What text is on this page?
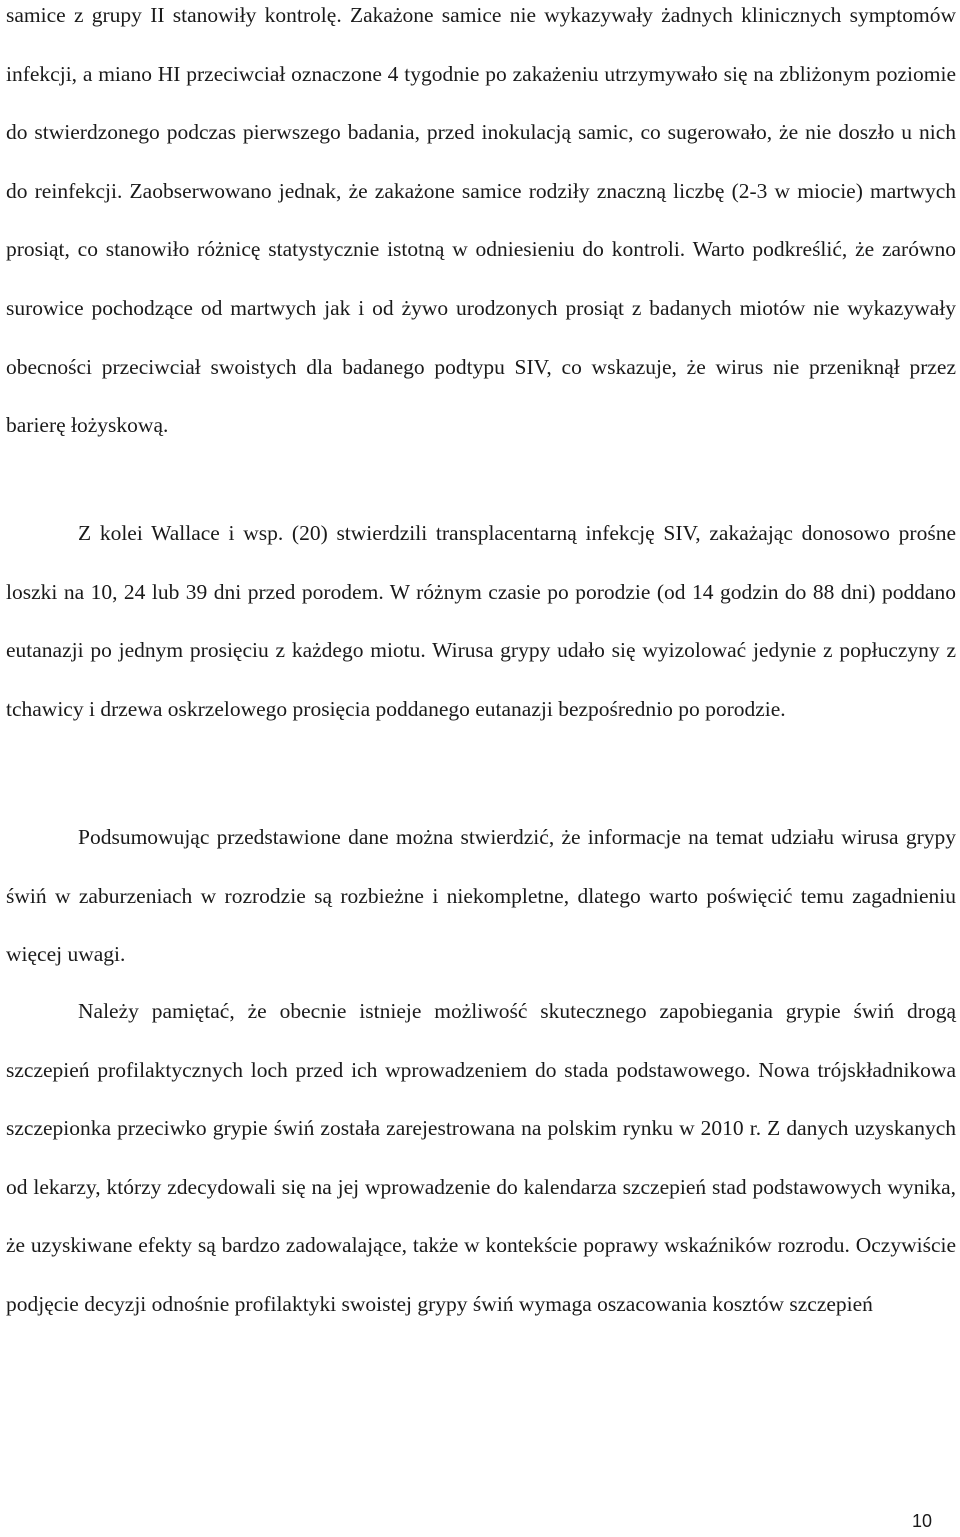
samice z grupy II stanowiły kontrolę. Zakażone samice nie wykazywały żadnych klinicznych symptomów infekcji, a miano HI przeciwciał oznaczone 4 tygodnie po zakażeniu utrzymywało się na zbliżonym poziomie do stwierdzonego podczas pierwszego badania, przed inokulacją samic, co sugerowało, że nie doszło u nich do reinfekcji. Zaobserwowano jednak, że zakażone samice rodziły znaczną liczbę (2-3 w miocie) martwych prosiąt, co stanowiło różnicę statystycznie istotną w odniesieniu do kontroli. Warto podkreślić, że zarówno surowice pochodzące od martwych jak i od żywo urodzonych prosiąt z badanych miotów nie wykazywały obecności przeciwciał swoistych dla badanego podtypu SIV, co wskazuje, że wirus nie przeniknął przez barierę łożyskową.

Z kolei Wallace i wsp. (20) stwierdzili transplacentarną infekcję SIV, zakażając donosowo prośne loszki na 10, 24 lub 39 dni przed porodem. W różnym czasie po porodzie (od 14 godzin do 88 dni) poddano eutanazji po jednym prosięciu z każdego miotu. Wirusa grypy udało się wyizolować jedynie z popłuczyny z tchawicy i drzewa oskrzelowego prosięcia poddanego eutanazji bezpośrednio po porodzie.

Podsumowując przedstawione dane można stwierdzić, że informacje na temat udziału wirusa grypy świń w zaburzeniach w rozrodzie są rozbieżne i niekompletne, dlatego warto poświęcić temu zagadnieniu więcej uwagi.

Należy pamiętać, że obecnie istnieje możliwość skutecznego zapobiegania grypie świń drogą szczepień profilaktycznych loch przed ich wprowadzeniem do stada podstawowego. Nowa trójskładnikowa szczepionka przeciwko grypie świń została zarejestrowana na polskim rynku w 2010 r. Z danych uzyskanych od lekarzy, którzy zdecydowali się na jej wprowadzenie do kalendarza szczepień stad podstawowych wynika, że uzyskiwane efekty są bardzo zadowalające, także w kontekście poprawy wskaźników rozrodu. Oczywiście podjęcie decyzji odnośnie profilaktyki swoistej grypy świń wymaga oszacowania kosztów szczepień

10
